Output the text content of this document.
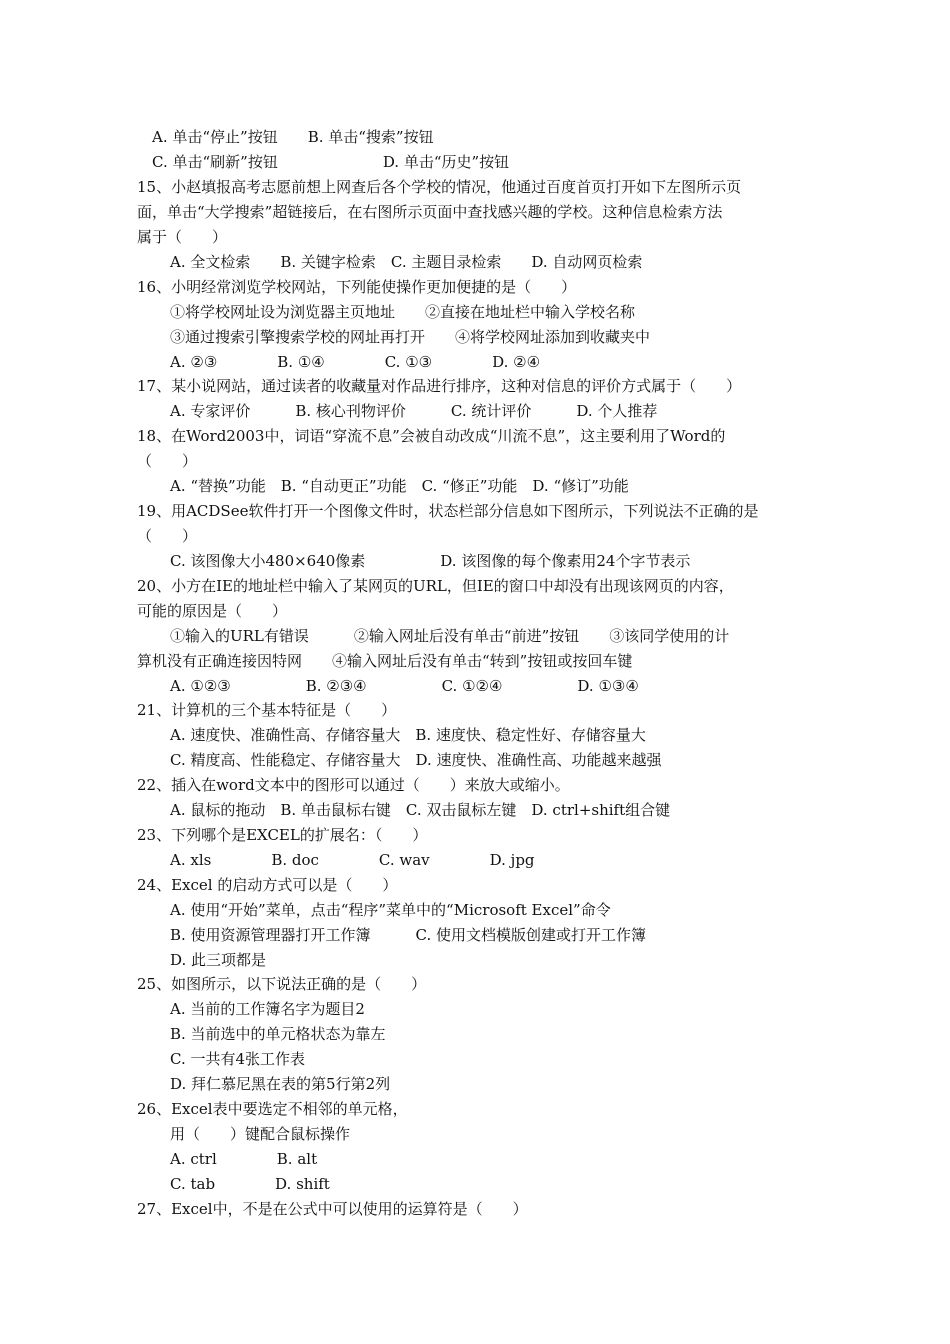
A. 单击“停止”按钮　　B. 单击“搜索”按钮

C. 单击“刷新”按钮　　　　　　　D. 单击“历史”按钮

15、小赵填报高考志愿前想上网查后各个学校的情况，他通过百度首页打开如下左图所示页

面，单击“大学搜索”超链接后，在右图所示页面中查找感兴趣的学校。这种信息检索方法

属于（　　）

A. 全文检索　　B. 关键字检索　C. 主题目录检索　　D. 自动网页检索

16、小明经常浏览学校网站，下列能使操作更加便捷的是（　　）

①将学校网址设为浏览器主页地址　　②直接在地址栏中输入学校名称

③通过搜索引擎搜索学校的网址再打开　　④将学校网址添加到收藏夹中

A. ②③　　　　B. ①④　　　　C. ①③　　　　D. ②④

17、某小说网站，通过读者的收藏量对作品进行排序，这种对信息的评价方式属于（　　）

A. 专家评价　　　B. 核心刊物评价　　　C. 统计评价　　　D. 个人推荐

18、在Word2003中，词语“穿流不息”会被自动改成“川流不息”，这主要利用了Word的

（　　）

A. “替换”功能　B. “自动更正”功能　C. “修正”功能　D. “修订”功能

19、用ACDSee软件打开一个图像文件时，状态栏部分信息如下图所示，下列说法不正确的是

（　　）

C. 该图像大小480×640像素　　　　　D. 该图像的每个像素用24个字节表示

20、小方在IE的地址栏中输入了某网页的URL，但IE的窗口中却没有出现该网页的内容，

可能的原因是（　　）

①输入的URL有错误　　　②输入网址后没有单击“前进”按钮　　③该同学使用的计

算机没有正确连接因特网　　④输入网址后没有单击“转到”按钮或按回车键

A. ①②③　　　　　B. ②③④　　　　　C. ①②④　　　　　D. ①③④

21、计算机的三个基本特征是（　　）

A. 速度快、准确性高、存储容量大　B. 速度快、稳定性好、存储容量大

C. 精度高、性能稳定、存储容量大　D. 速度快、准确性高、功能越来越强

22、插入在word文本中的图形可以通过（　　）来放大或缩小。

A. 鼠标的拖动　B. 单击鼠标右键　C. 双击鼠标左键　D. ctrl+shift组合键

23、下列哪个是EXCEL的扩展名：（　　）

A. xls　　　　B. doc　　　　C. wav　　　　D. jpg

24、Excel 的启动方式可以是（　　）

A. 使用“开始”菜单，点击“程序”菜单中的“Microsoft Excel”命令

B. 使用资源管理器打开工作簿　　　C. 使用文档模版创建或打开工作簿

D. 此三项都是

25、如图所示，以下说法正确的是（　　）

A. 当前的工作簿名字为题目2

B. 当前选中的单元格状态为靠左

C. 一共有4张工作表

D. 拜仁慕尼黑在表的第5行第2列

26、Excel表中要选定不相邻的单元格，

用（　　）键配合鼠标操作

A. ctrl　　　　B. alt

C. tab　　　　D. shift

27、Excel中，不是在公式中可以使用的运算符是（　　）
